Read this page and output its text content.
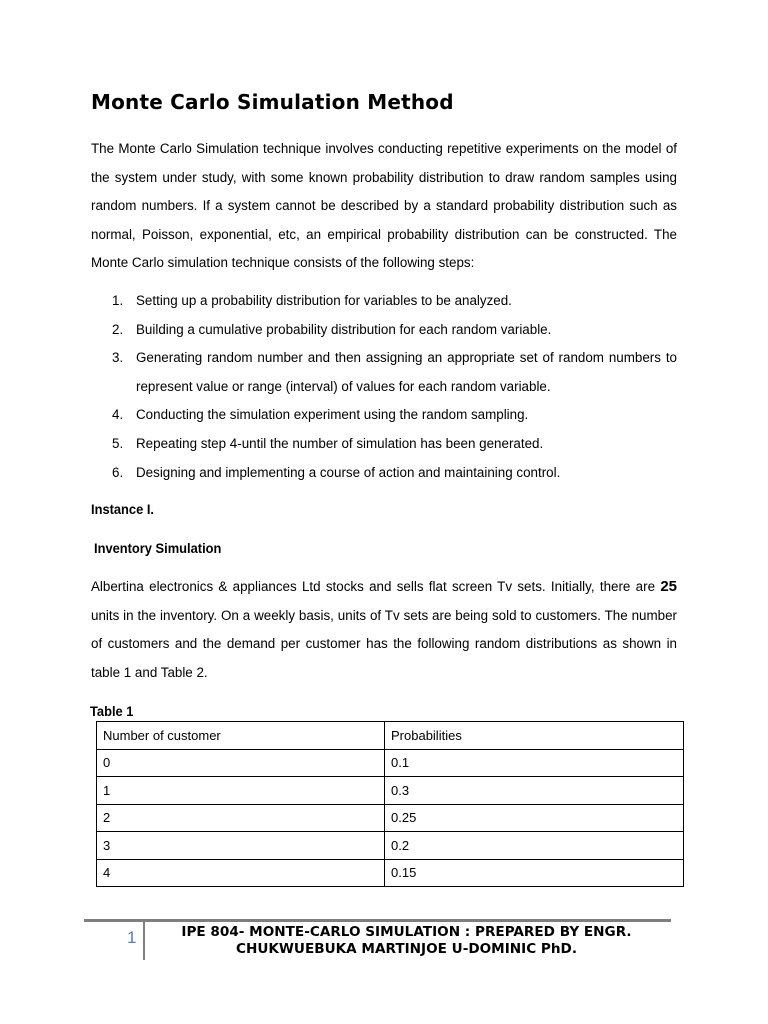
Monte Carlo Simulation Method

The Monte Carlo Simulation technique involves conducting repetitive experiments on the model of the system under study, with some known probability distribution to draw random samples using random numbers. If a system cannot be described by a standard probability distribution such as normal, Poisson, exponential, etc, an empirical probability distribution can be constructed. The Monte Carlo simulation technique consists of the following steps:

1. Setting up a probability distribution for variables to be analyzed.
2. Building a cumulative probability distribution for each random variable.
3. Generating random number and then assigning an appropriate set of random numbers to represent value or range (interval) of values for each random variable.
4. Conducting the simulation experiment using the random sampling.
5. Repeating step 4-until the number of simulation has been generated.
6. Designing and implementing a course of action and maintaining control.

Instance I.

Inventory Simulation

Albertina electronics & appliances Ltd stocks and sells flat screen Tv sets. Initially, there are 25 units in the inventory. On a weekly basis, units of Tv sets are being sold to customers. The number of customers and the demand per customer has the following random distributions as shown in table 1 and Table 2.

Table 1

Number of customer	Probabilities
0	0.1
1	0.3
2	0.25
3	0.2
4	0.15
1	IPE 804- MONTE-CARLO SIMULATION : PREPARED BY ENGR.
CHUKWUEBUKA MARTINJOE U-DOMINIC PhD.
